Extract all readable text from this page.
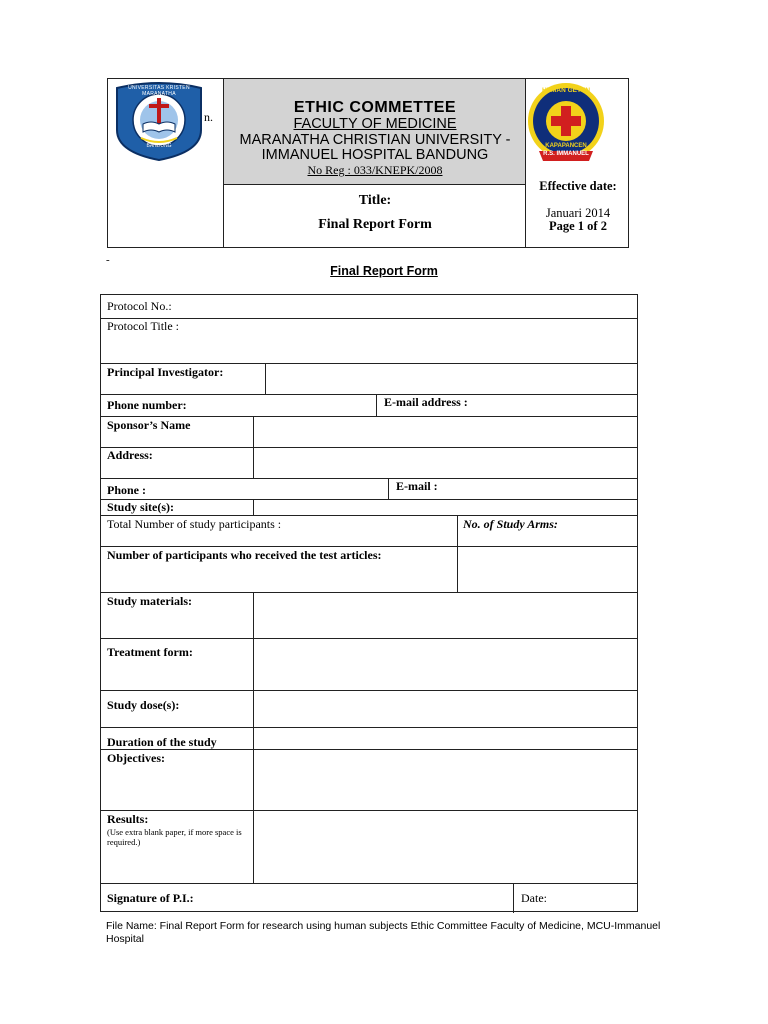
UNIVERSITAS KRISTEN MARANATHA
BANDUNG
n.
ETHIC COMMETTEE
FACULTY OF MEDICINE
MARANATHA CHRISTIAN UNIVERSITY -
IMMANUEL HOSPITAL BANDUNG
No Reg : 033/KNEPK/2008
Title:
Final Report Form
HEMAN GETEN
KAPAPANCEN
R.S. IMMANUEL
Effective date:
Januari 2014
Page 1 of 2
-
Final Report Form
Protocol No.:
Protocol Title :
Principal Investigator:
Phone number:	E-mail address :
Sponsor’s Name
Address:
Phone :	E-mail :
Study site(s):
Total Number of study participants :	No. of Study Arms:
Number of participants who received the test articles:
Study materials:
Treatment form:
Study dose(s):
Duration of the study
Objectives:
Results:
(Use extra blank paper, if more space is required.)
Signature of P.I.:	Date:
File Name: Final Report Form for research using human subjects Ethic Committee Faculty of Medicine, MCU-Immanuel Hospital
